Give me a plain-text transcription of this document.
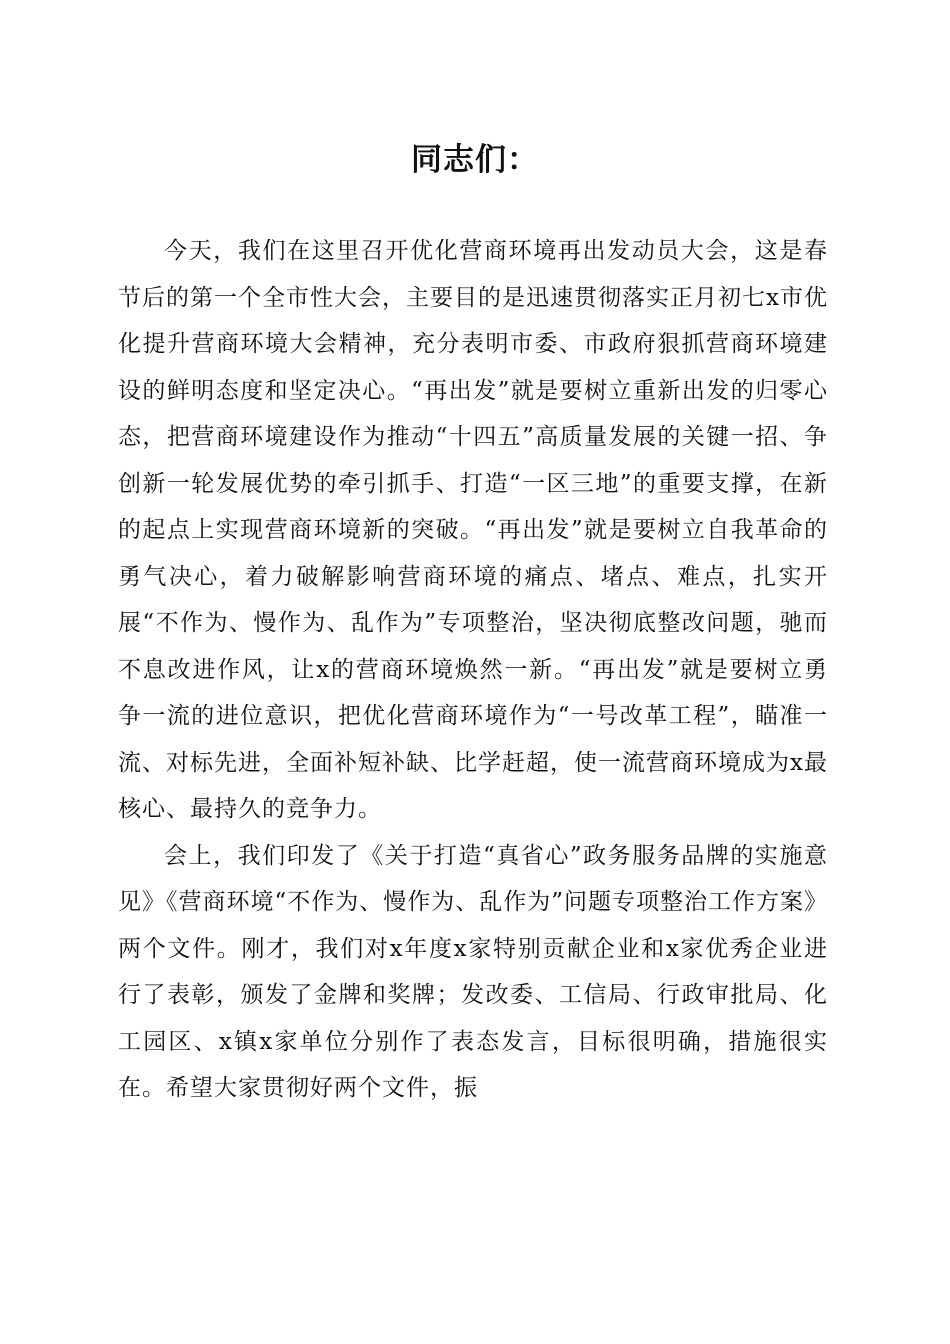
同志们：

今天，我们在这里召开优化营商环境再出发动员大会，这是春节后的第一个全市性大会，主要目的是迅速贯彻落实正月初七x市优化提升营商环境大会精神，充分表明市委、市政府狠抓营商环境建设的鲜明态度和坚定决心。“再出发”就是要树立重新出发的归零心态，把营商环境建设作为推动“十四五”高质量发展的关键一招、争创新一轮发展优势的牵引抓手、打造“一区三地”的重要支撑，在新的起点上实现营商环境新的突破。“再出发”就是要树立自我革命的勇气决心，着力破解影响营商环境的痛点、堵点、难点，扎实开展“不作为、慢作为、乱作为”专项整治，坚决彻底整改问题，驰而不息改进作风，让x的营商环境焕然一新。“再出发”就是要树立勇争一流的进位意识，把优化营商环境作为“一号改革工程”，瞄准一流、对标先进，全面补短补缺、比学赶超，使一流营商环境成为x最核心、最持久的竞争力。

会上，我们印发了《关于打造“真省心”政务服务品牌的实施意见》《营商环境“不作为、慢作为、乱作为”问题专项整治工作方案》两个文件。刚才，我们对x年度x家特别贡献企业和x家优秀企业进行了表彰，颁发了金牌和奖牌；发改委、工信局、行政审批局、化工园区、x镇x家单位分别作了表态发言，目标很明确，措施很实在。希望大家贯彻好两个文件，振
